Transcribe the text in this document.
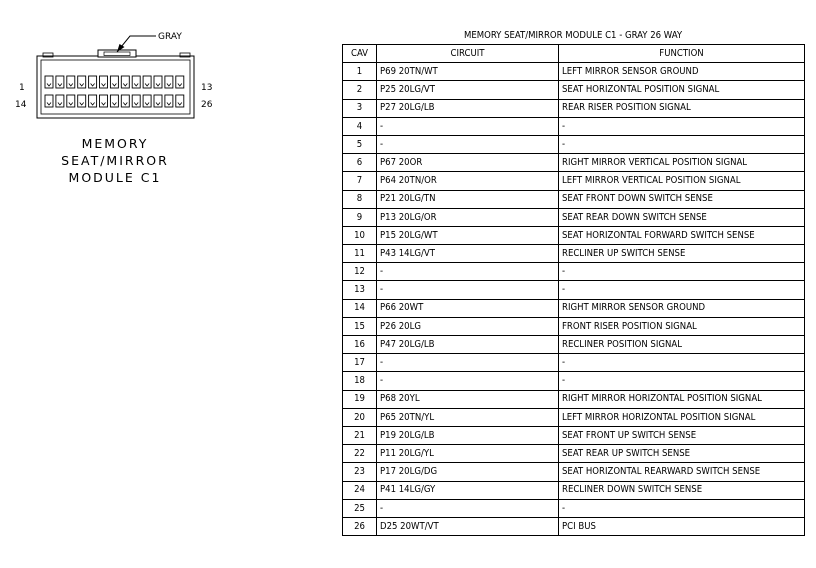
GRAY
1
14
13
26
MEMORY
SEAT/MIRROR
MODULE C1
MEMORY SEAT/MIRROR MODULE C1 - GRAY 26 WAY
CAV	CIRCUIT	FUNCTION
1	P69 20TN/WT	LEFT MIRROR SENSOR GROUND
2	P25 20LG/VT	SEAT HORIZONTAL POSITION SIGNAL
3	P27 20LG/LB	REAR RISER POSITION SIGNAL
4	-	-
5	-	-
6	P67 20OR	RIGHT MIRROR VERTICAL POSITION SIGNAL
7	P64 20TN/OR	LEFT MIRROR VERTICAL POSITION SIGNAL
8	P21 20LG/TN	SEAT FRONT DOWN SWITCH SENSE
9	P13 20LG/OR	SEAT REAR DOWN SWITCH SENSE
10	P15 20LG/WT	SEAT HORIZONTAL FORWARD SWITCH SENSE
11	P43 14LG/VT	RECLINER UP SWITCH SENSE
12	-	-
13	-	-
14	P66 20WT	RIGHT MIRROR SENSOR GROUND
15	P26 20LG	FRONT RISER POSITION SIGNAL
16	P47 20LG/LB	RECLINER POSITION SIGNAL
17	-	-
18	-	-
19	P68 20YL	RIGHT MIRROR HORIZONTAL POSITION SIGNAL
20	P65 20TN/YL	LEFT MIRROR HORIZONTAL POSITION SIGNAL
21	P19 20LG/LB	SEAT FRONT UP SWITCH SENSE
22	P11 20LG/YL	SEAT REAR UP SWITCH SENSE
23	P17 20LG/DG	SEAT HORIZONTAL REARWARD SWITCH SENSE
24	P41 14LG/GY	RECLINER DOWN SWITCH SENSE
25	-	-
26	D25 20WT/VT	PCI BUS
